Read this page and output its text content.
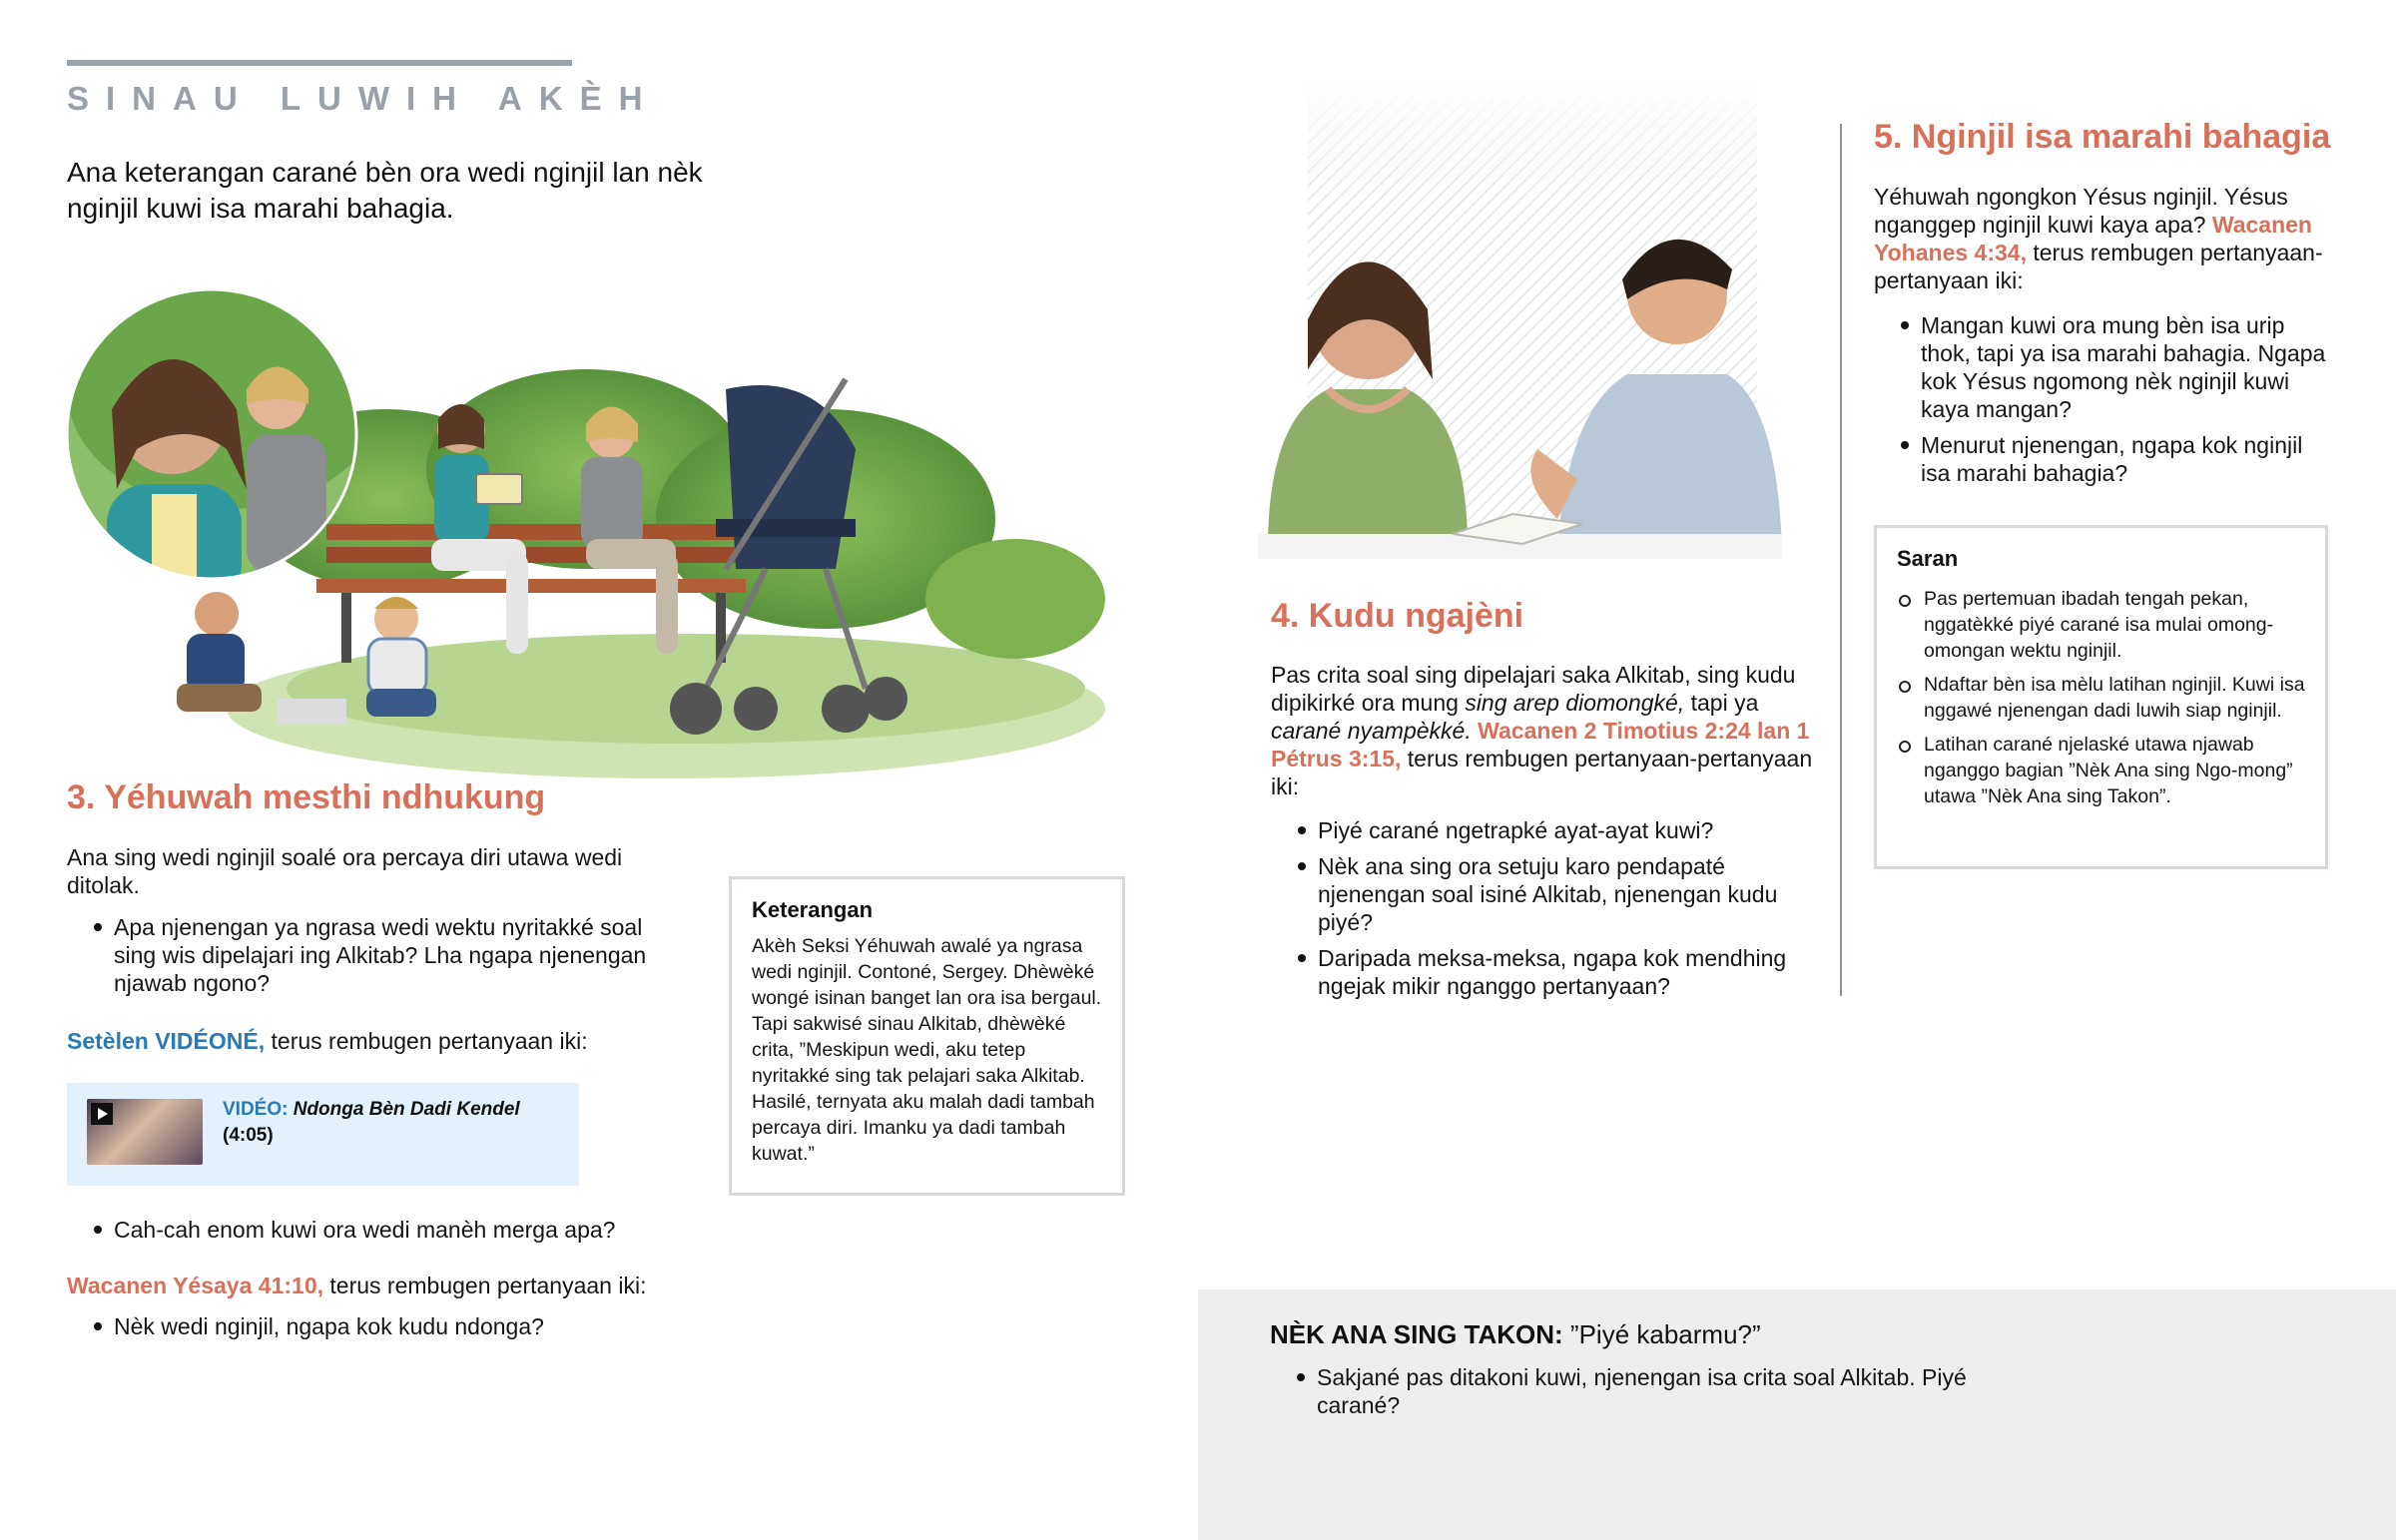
SINAU LUWIH AKÈH
Ana keterangan carané bèn ora wedi nginjil lan nèk nginjil kuwi isa marahi bahagia.
3. Yéhuwah mesthi ndhukung
Ana sing wedi nginjil soalé ora percaya diri utawa wedi ditolak.
Apa njenengan ya ngrasa wedi wektu nyritakké soal sing wis dipelajari ing Alkitab? Lha ngapa njenengan njawab ngono?
Setèlen VIDÉONÉ, terus rembugen pertanyaan iki:
VIDÉO: Ndonga Bèn Dadi Kendel
(4:05)
Cah-cah enom kuwi ora wedi manèh merga apa?
Wacanen Yésaya 41:10, terus rembugen pertanyaan iki:
Nèk wedi nginjil, ngapa kok kudu ndonga?
Keterangan
Akèh Seksi Yéhuwah awalé ya ngrasa wedi nginjil. Contoné, Sergey. Dhèwèké wongé isinan banget lan ora isa bergaul. Tapi sakwisé sinau Alkitab, dhèwèké crita, ”Meskipun wedi, aku tetep nyritakké sing tak pelajari saka Alkitab. Hasilé, ternyata aku malah dadi tambah percaya diri. Imanku ya dadi tambah kuwat.”
4. Kudu ngajèni
Pas crita soal sing dipelajari saka Alkitab, sing kudu dipikirké ora mung sing arep diomongké, tapi ya carané nyampèkké. Wacanen 2 Timotius 2:24 lan 1 Pétrus 3:15, terus rembugen pertanyaan-pertanyaan iki:
Piyé carané ngetrapké ayat-ayat kuwi?
Nèk ana sing ora setuju karo pendapaté njenengan soal isiné Alkitab, njenengan kudu piyé?
Daripada meksa-meksa, ngapa kok mendhing ngejak mikir nganggo pertanyaan?
5. Nginjil isa marahi bahagia
Yéhuwah ngongkon Yésus nginjil. Yésus nganggep nginjil kuwi kaya apa? Wacanen Yohanes 4:34, terus rembugen pertanyaan-pertanyaan iki:
Mangan kuwi ora mung bèn isa urip thok, tapi ya isa marahi bahagia. Ngapa kok Yésus ngomong nèk nginjil kuwi kaya mangan?
Menurut njenengan, ngapa kok nginjil isa marahi bahagia?
Saran
Pas pertemuan ibadah tengah pekan, nggatèkké piyé carané isa mulai omong-omongan wektu nginjil.
Ndaftar bèn isa mèlu latihan nginjil. Kuwi isa nggawé njenengan dadi luwih siap nginjil.
Latihan carané njelaské utawa njawab nganggo bagian ”Nèk Ana sing Ngo-mong” utawa ”Nèk Ana sing Takon”.
NÈK ANA SING TAKON: ”Piyé kabarmu?”
Sakjané pas ditakoni kuwi, njenengan isa crita soal Alkitab. Piyé carané?
